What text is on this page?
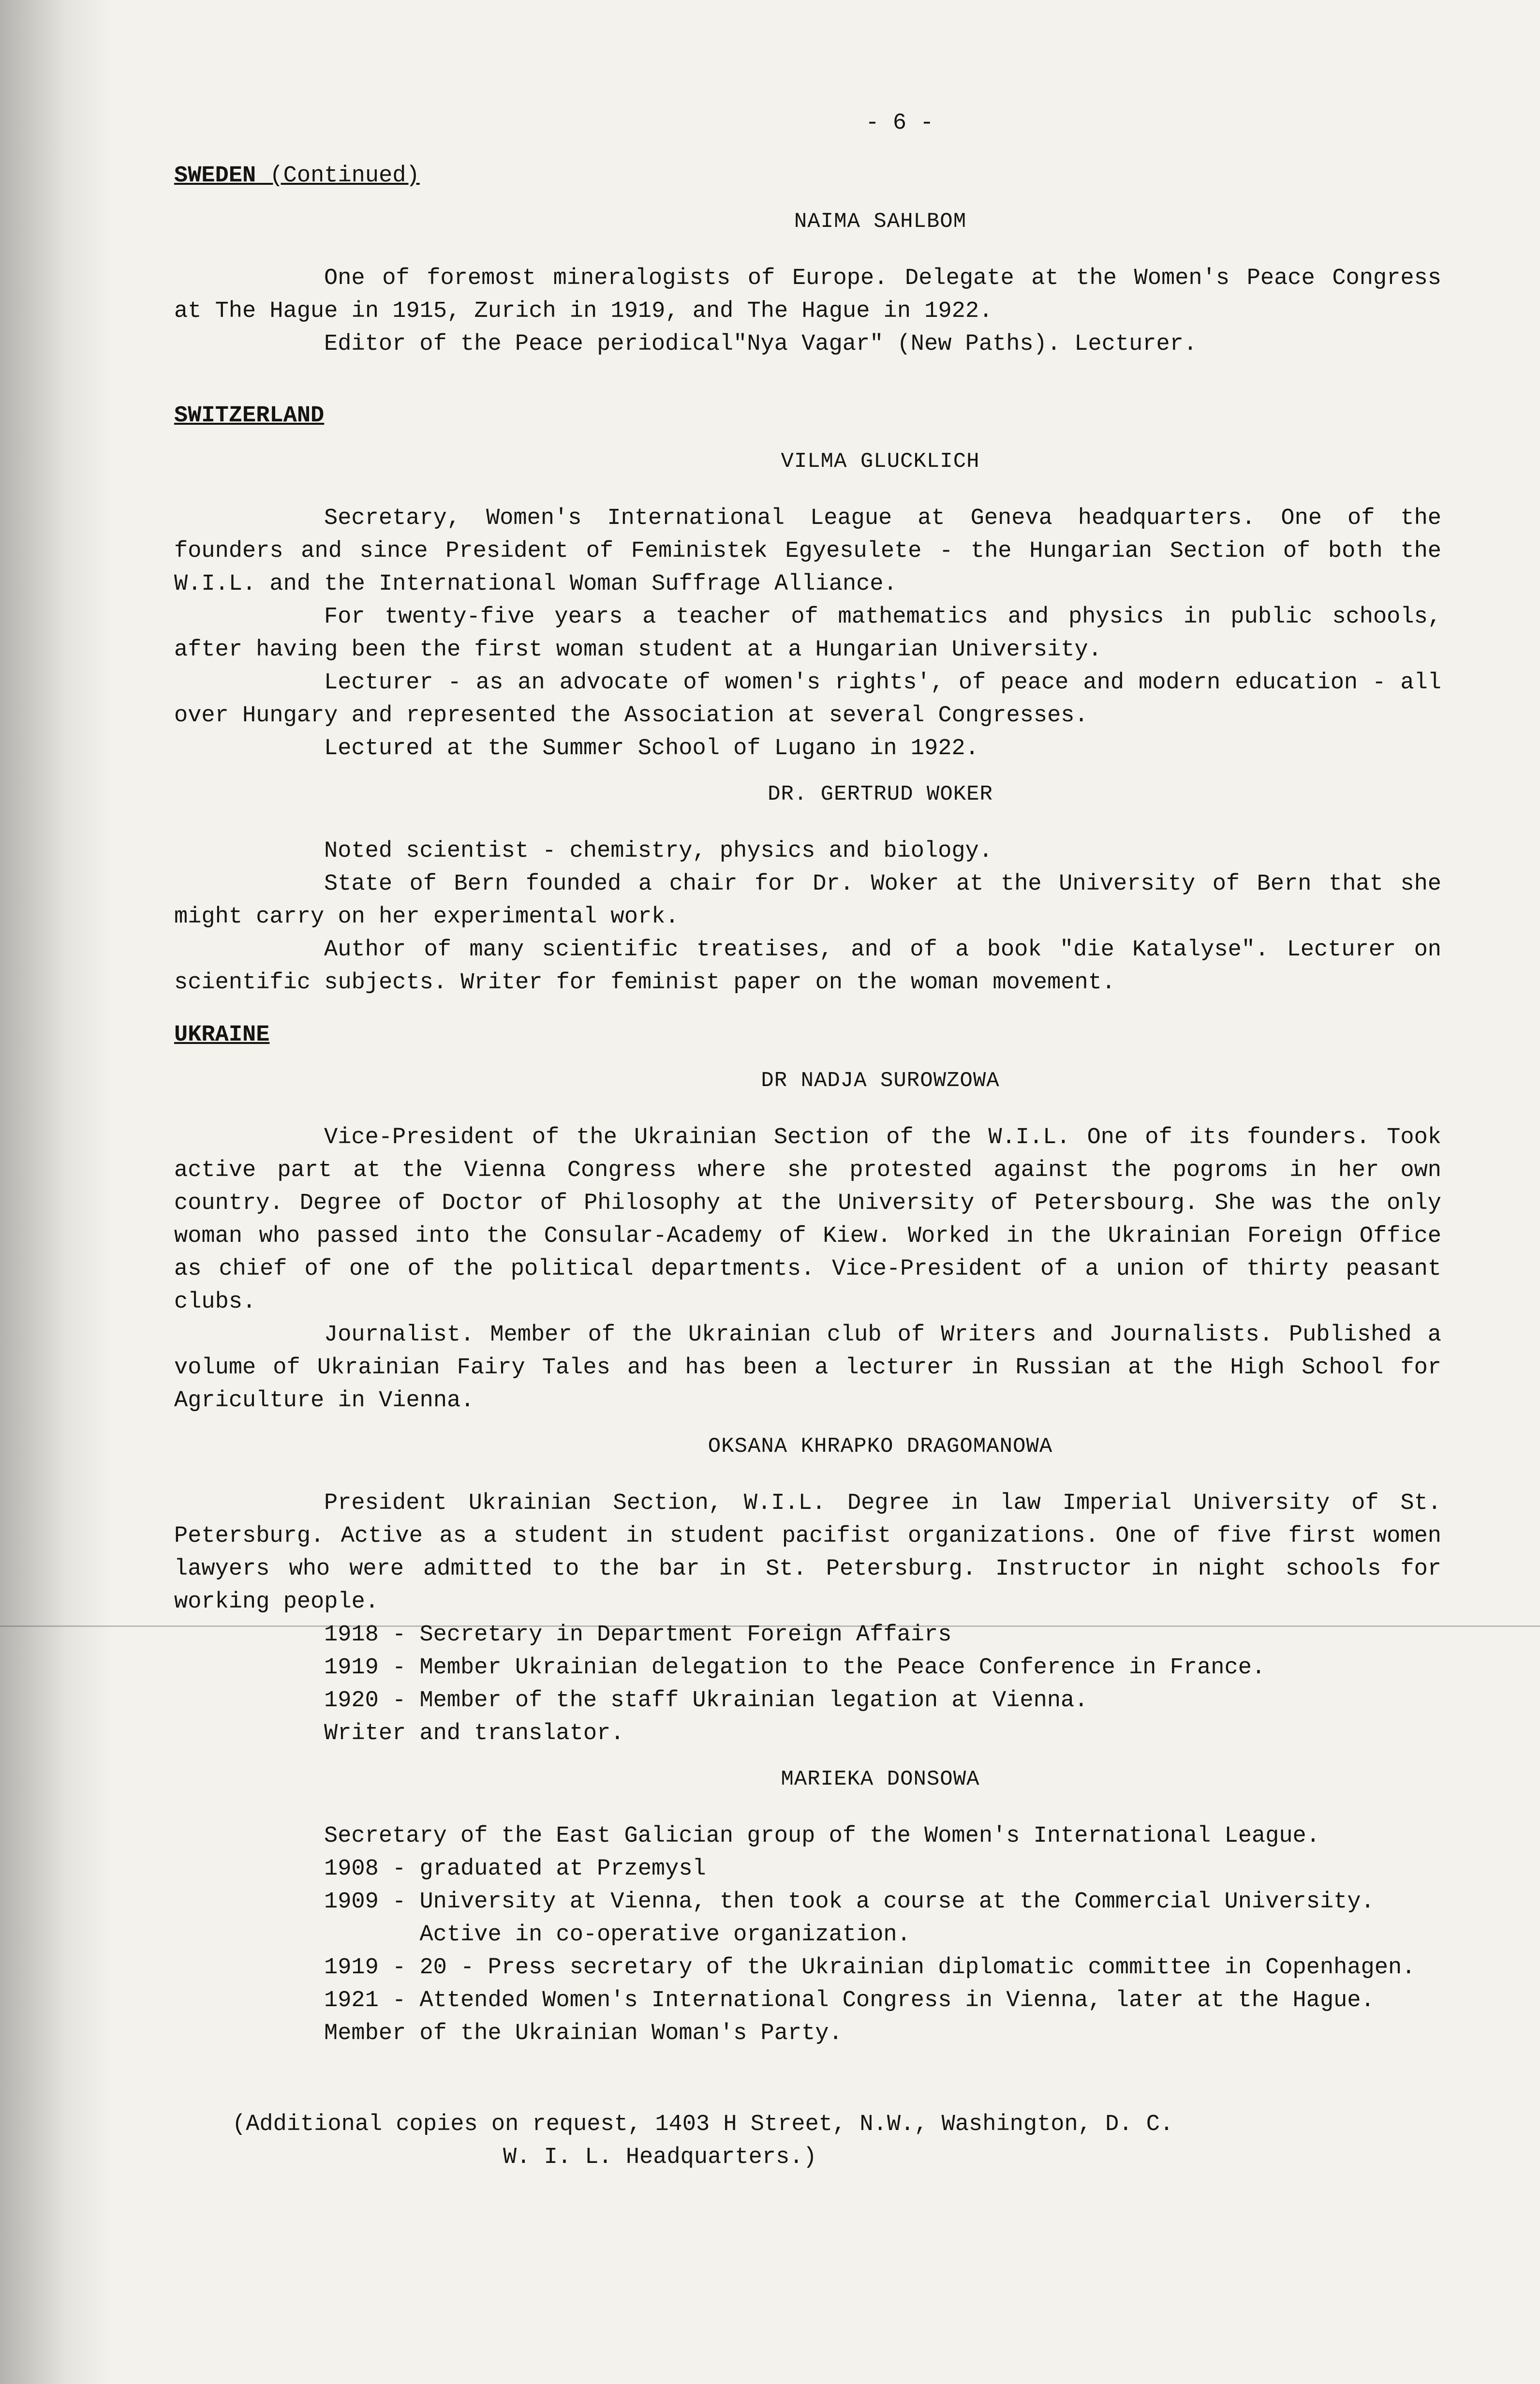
- 6 -
SWEDEN (Continued)
NAIMA SAHLBOM

One of foremost mineralogists of Europe. Delegate at the Women's Peace Congress at The Hague in 1915, Zurich in 1919, and The Hague in 1922.

Editor of the Peace periodical"Nya Vagar" (New Paths). Lecturer.

SWITZERLAND
VILMA GLUCKLICH

Secretary, Women's International League at Geneva headquarters. One of the founders and since President of Feministek Egyesulete - the Hungarian Section of both the W.I.L. and the International Woman Suffrage Alliance.

For twenty-five years a teacher of mathematics and physics in public schools, after having been the first woman student at a Hungarian University.

Lecturer - as an advocate of women's rights', of peace and modern education - all over Hungary and represented the Association at several Congresses.

Lectured at the Summer School of Lugano in 1922.

DR. GERTRUD WOKER

Noted scientist - chemistry, physics and biology.

State of Bern founded a chair for Dr. Woker at the University of Bern that she might carry on her experimental work.

Author of many scientific treatises, and of a book "die Katalyse". Lecturer on scientific subjects. Writer for feminist paper on the woman movement.

UKRAINE
DR NADJA SUROWZOWA

Vice-President of the Ukrainian Section of the W.I.L. One of its founders. Took active part at the Vienna Congress where she protested against the pogroms in her own country. Degree of Doctor of Philosophy at the University of Petersbourg. She was the only woman who passed into the Consular-Academy of Kiew. Worked in the Ukrainian Foreign Office as chief of one of the political departments. Vice-President of a union of thirty peasant clubs.

Journalist. Member of the Ukrainian club of Writers and Journalists. Published a volume of Ukrainian Fairy Tales and has been a lecturer in Russian at the High School for Agriculture in Vienna.

OKSANA KHRAPKO DRAGOMANOWA

President Ukrainian Section, W.I.L. Degree in law Imperial University of St. Petersburg. Active as a student in student pacifist organizations. One of five first women lawyers who were admitted to the bar in St. Petersburg. Instructor in night schools for working people.

1918 - Secretary in Department Foreign Affairs
1919 - Member Ukrainian delegation to the Peace Conference in France.
1920 - Member of the staff Ukrainian legation at Vienna.
Writer and translator.
MARIEKA DONSOWA
Secretary of the East Galician group of the Women's International League.
1908 - graduated at Przemysl
1909 - University at Vienna, then took a course at the Commercial University. Active in co-operative organization.
1919 - 20 - Press secretary of the Ukrainian diplomatic committee in Copenhagen.
1921 - Attended Women's International Congress in Vienna, later at the Hague.
Member of the Ukrainian Woman's Party.
(Additional copies on request, 1403 H Street, N.W., Washington, D. C.
W. I. L. Headquarters.)
